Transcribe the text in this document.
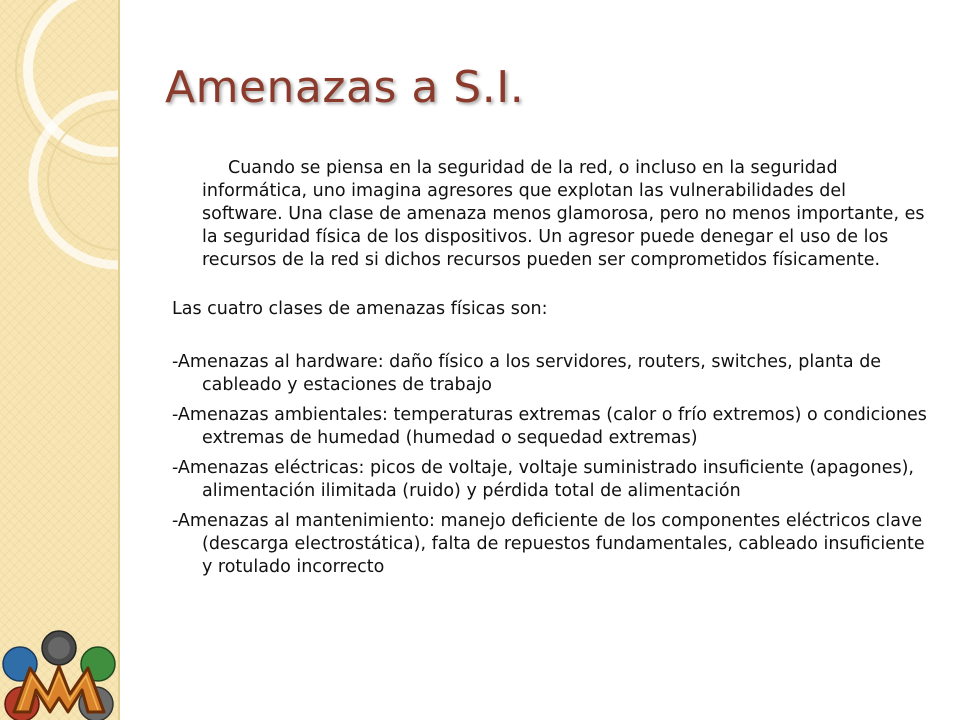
Amenazas a S.I.

Cuando se piensa en la seguridad de la red, o incluso en la seguridad informática, uno imagina agresores que explotan las vulnerabilidades del software. Una clase de amenaza menos glamorosa, pero no menos importante, es la seguridad física de los dispositivos. Un agresor puede denegar el uso de los recursos de la red si dichos recursos pueden ser comprometidos físicamente.

Las cuatro clases de amenazas físicas son:

-Amenazas al hardware: daño físico a los servidores, routers, switches, planta de cableado y estaciones de trabajo
-Amenazas ambientales: temperaturas extremas (calor o frío extremos) o condiciones extremas de humedad (humedad o sequedad extremas)
-Amenazas eléctricas: picos de voltaje, voltaje suministrado insuficiente (apagones), alimentación ilimitada (ruido) y pérdida total de alimentación
-Amenazas al mantenimiento: manejo deficiente de los componentes eléctricos clave (descarga electrostática), falta de repuestos fundamentales, cableado insuficiente y rotulado incorrecto
